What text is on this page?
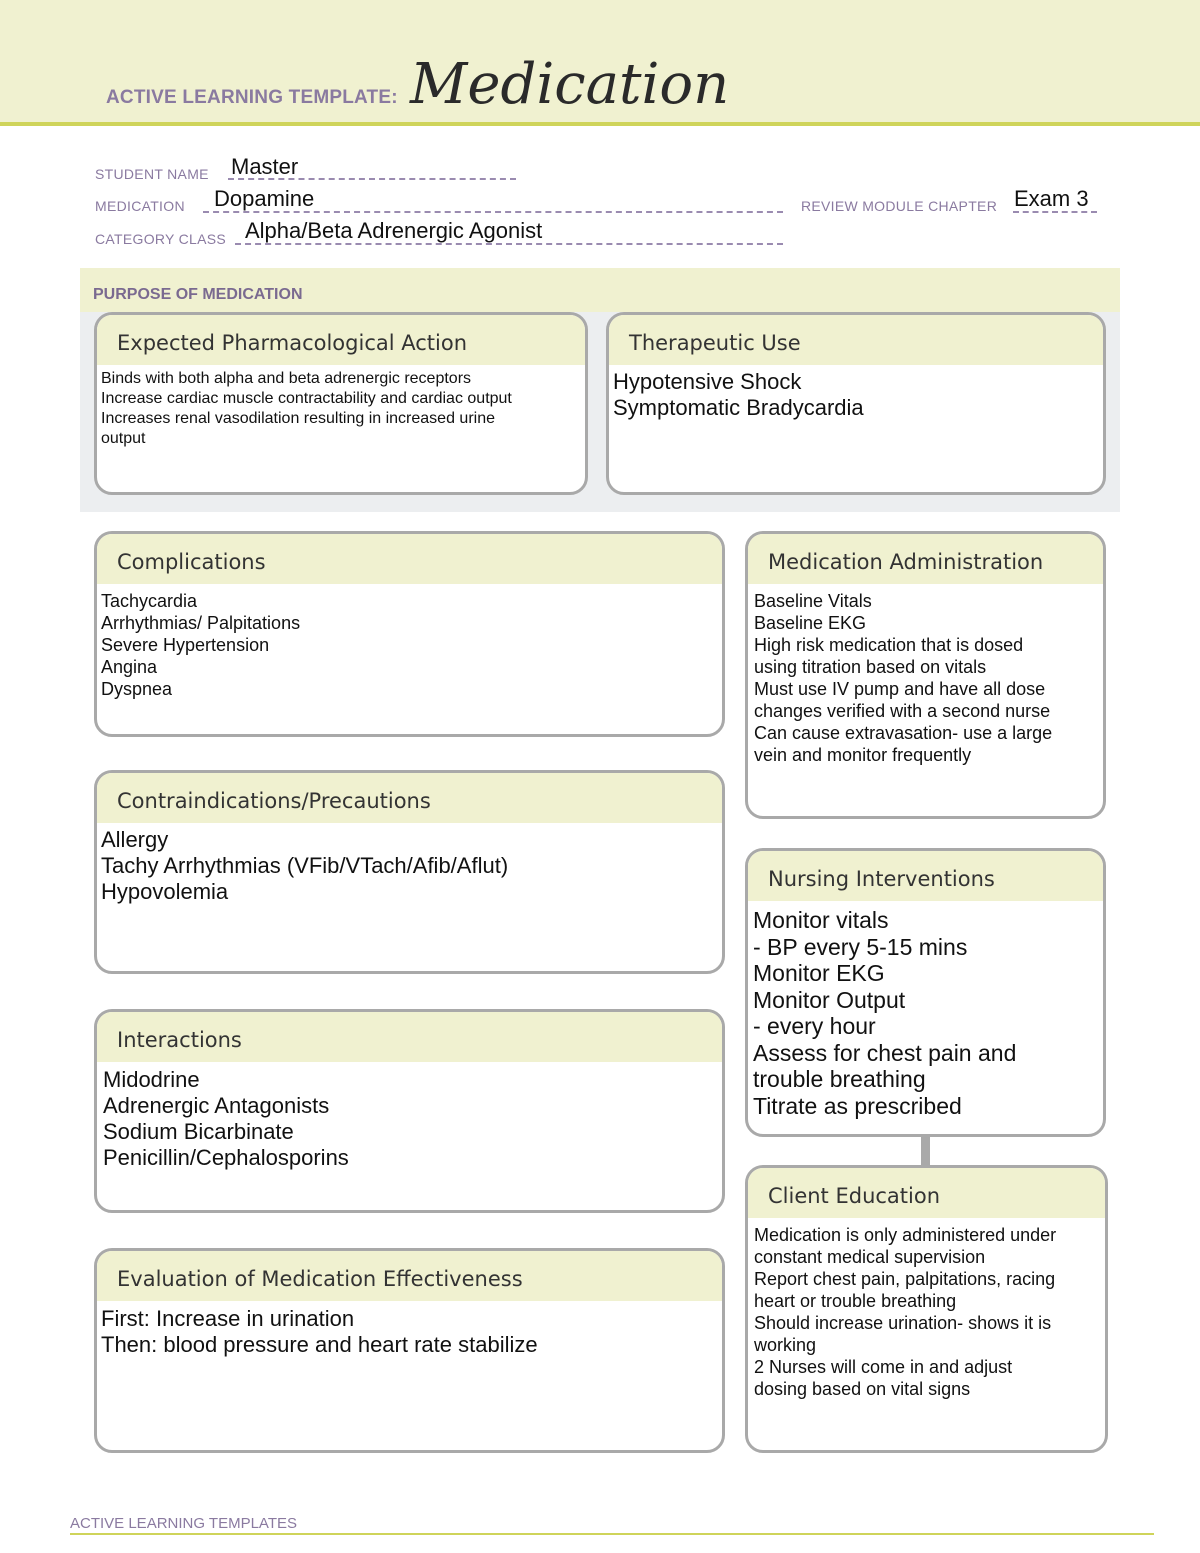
ACTIVE LEARNING TEMPLATE: Medication
STUDENT NAME Master
MEDICATION Dopamine	REVIEW MODULE CHAPTER Exam 3
CATEGORY CLASS Alpha/Beta Adrenergic Agonist
PURPOSE OF MEDICATION
Expected Pharmacological Action
Binds with both alpha and beta adrenergic receptors
Increase cardiac muscle contractability and cardiac output
Increases renal vasodilation resulting in increased urine
output
Therapeutic Use
Hypotensive Shock
Symptomatic Bradycardia
Complications
Tachycardia
Arrhythmias/ Palpitations
Severe Hypertension
Angina
Dyspnea
Medication Administration
Baseline Vitals
Baseline EKG
High risk medication that is dosed
using titration based on vitals
Must use IV pump and have all dose
changes verified with a second nurse
Can cause extravasation- use a large
vein and monitor frequently
Contraindications/Precautions
Allergy
Tachy Arrhythmias (VFib/VTach/Afib/Aflut)
Hypovolemia	Nursing Interventions
Monitor vitals
- BP every 5-15 mins
Monitor EKG
Monitor Output
- every hour
Assess for chest pain and
trouble breathing
Titrate as prescribed
Interactions
Midodrine
Adrenergic Antagonists
Sodium Bicarbinate
Penicillin/Cephalosporins
Client Education
Medication is only administered under
constant medical supervision
Report chest pain, palpitations, racing
heart or trouble breathing
Should increase urination- shows it is
working
2 Nurses will come in and adjust
dosing based on vital signs
Evaluation of Medication Effectiveness
First: Increase in urination
Then: blood pressure and heart rate stabilize
ACTIVE LEARNING TEMPLATES
